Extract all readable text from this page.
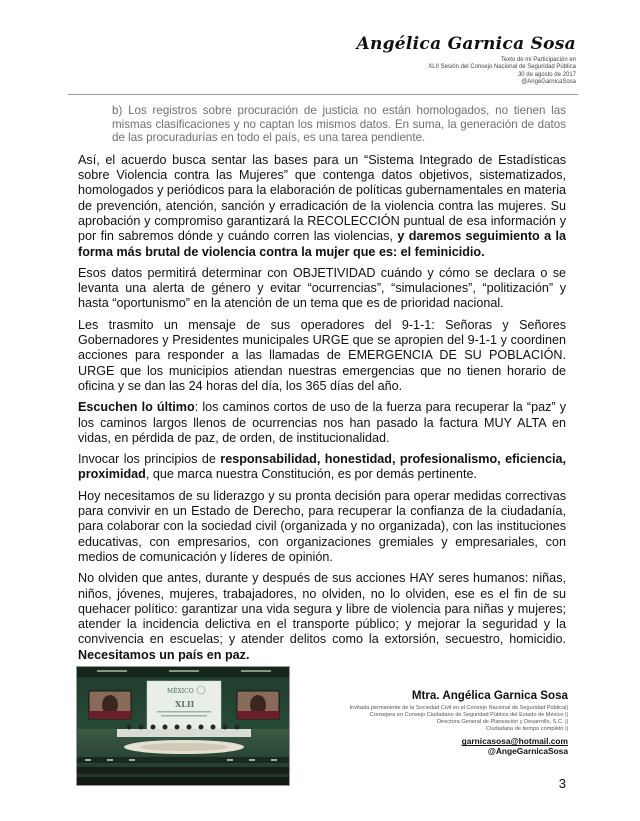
Angélica Garnica Sosa
Texto de mi Participación en
XLII Sesión del Consejo Nacional de Seguridad Pública
30 de agosto de 2017
@AngeGarnicaSosa

b) Los registros sobre procuración de justicia no están homologados, no tienen las mismas clasificaciones y no captan los mismos datos. En suma, la generación de datos de las procuradurías en todo el país, es una tarea pendiente.

Así, el acuerdo busca sentar las bases para un “Sistema Integrado de Estadísticas sobre Violencia contra las Mujeres” que contenga datos objetivos, sistematizados, homologados y periódicos para la elaboración de políticas gubernamentales en materia de prevención, atención, sanción y erradicación de la violencia contra las mujeres. Su aprobación y compromiso garantizará la RECOLECCIÓN puntual de esa información y por fin sabremos dónde y cuándo corren las violencias, y daremos seguimiento a la forma más brutal de violencia contra la mujer que es: el feminicidio.

Esos datos permitirá determinar con OBJETIVIDAD cuándo y cómo se declara o se levanta una alerta de género y evitar “ocurrencias”, “simulaciones”, “politización” y hasta “oportunismo” en la atención de un tema que es de prioridad nacional.

Les trasmito un mensaje de sus operadores del 9-1-1: Señoras y Señores Gobernadores y Presidentes municipales URGE que se apropien del 9-1-1 y coordinen acciones para responder a las llamadas de EMERGENCIA DE SU POBLACIÓN. URGE que los municipios atiendan nuestras emergencias que no tienen horario de oficina y se dan las 24 horas del día, los 365 días del año.

Escuchen lo último: los caminos cortos de uso de la fuerza para recuperar la “paz” y los caminos largos llenos de ocurrencias nos han pasado la factura MUY ALTA en vidas, en pérdida de paz, de orden, de institucionalidad.

Invocar los principios de responsabilidad, honestidad, profesionalismo, eficiencia, proximidad, que marca nuestra Constitución, es por demás pertinente.

Hoy necesitamos de su liderazgo y su pronta decisión para operar medidas correctivas para convivir en un Estado de Derecho, para recuperar la confianza de la ciudadanía, para colaborar con la sociedad civil (organizada y no organizada), con las instituciones educativas, con empresarios, con organizaciones gremiales y empresariales, con medios de comunicación y líderes de opinión.

No olviden que antes, durante y después de sus acciones HAY seres humanos: niñas, niños, jóvenes, mujeres, trabajadores, no olviden, no lo olviden, ese es el fin de su quehacer político: garantizar una vida segura y libre de violencia para niñas y mujeres; atender la incidencia delictiva en el transporte público; y mejorar la seguridad y la convivencia en escuelas; y atender delitos como la extorsión, secuestro, homicidio. Necesitamos un país en paz.

MÉXICO
XLII
Mtra. Angélica Garnica Sosa
Invitada permanente de la Sociedad Civil en el Consejo Nacional de Seguridad Pública||
Consejera en Consejo Ciudadano de Seguridad Pública del Estado de México ||
Directora General de Planeación y Desarrollo, S.C. ||
Ciudadana de tiempo completo ||
garnicasosa@hotmail.com
@AngeGarnicaSosa
3
